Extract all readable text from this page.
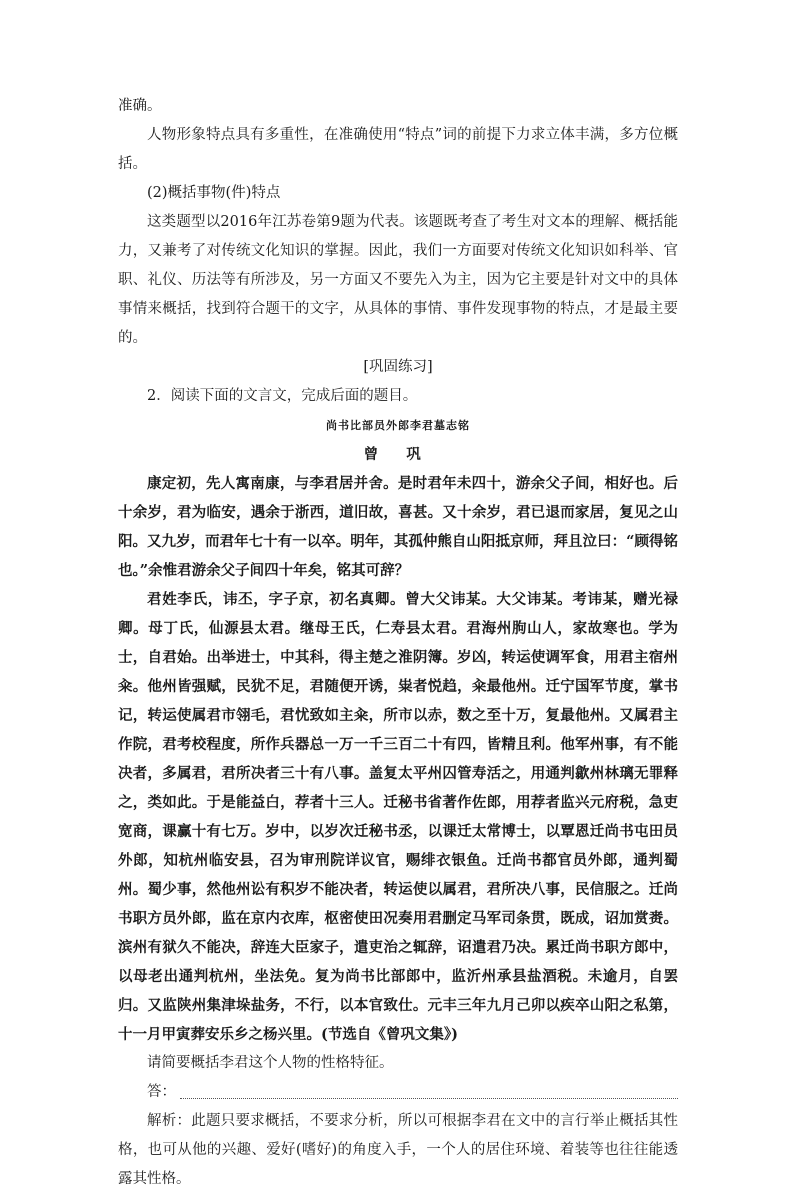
准确。

人物形象特点具有多重性，在准确使用“特点”词的前提下力求立体丰满，多方位概括。

(2)概括事物(件)特点

这类题型以2016年江苏卷第9题为代表。该题既考查了考生对文本的理解、概括能力，又兼考了对传统文化知识的掌握。因此，我们一方面要对传统文化知识如科举、官职、礼仪、历法等有所涉及，另一方面又不要先入为主，因为它主要是针对文中的具体事情来概括，找到符合题干的文字，从具体的事情、事件发现事物的特点，才是最主要的。

[巩固练习]

2．阅读下面的文言文，完成后面的题目。

尚书比部员外郎李君墓志铭

曾 巩

康定初，先人寓南康，与李君居并舍。是时君年未四十，游余父子间，相好也。后十余岁，君为临安，遇余于浙西，道旧故，喜甚。又十余岁，君已退而家居，复见之山阳。又九岁，而君年七十有一以卒。明年，其孤仲熊自山阳抵京师，拜且泣曰：“顾得铭也。”余惟君游余父子间四十年矣，铭其可辞？

君姓李氏，讳丕，字子京，初名真卿。曾大父讳某。大父讳某。考讳某，赠光禄卿。母丁氏，仙源县太君。继母王氏，仁寿县太君。君海州朐山人，家故寒也。学为士，自君始。出举进士，中其科，得主楚之淮阴簿。岁凶，转运使调军食，用君主宿州籴。他州皆强赋，民犹不足，君随便开诱，粜者悦趋，籴最他州。迁宁国军节度，掌书记，转运使属君市翎毛，君忧致如主籴，所市以赤，数之至十万，复最他州。又属君主作院，君考校程度，所作兵器总一万一千三百二十有四，皆精且利。他军州事，有不能决者，多属君，君所决者三十有八事。盖复太平州囚管寿活之，用通判歙州林璃无罪释之，类如此。于是能益白，荐者十三人。迁秘书省著作佐郎，用荐者监兴元府税，急吏宽商，课赢十有七万。岁中，以岁次迁秘书丞，以课迁太常博士，以覃恩迁尚书屯田员外郎，知杭州临安县，召为审刑院详议官，赐绯衣银鱼。迁尚书都官员外郎，通判蜀州。蜀少事，然他州讼有积岁不能决者，转运使以属君，君所决八事，民信服之。迁尚书职方员外郎，监在京内衣库，枢密使田况奏用君删定马军司条贯，既成，诏加赏赉。滨州有狱久不能决，辞连大臣家子，遣吏治之辄辞，诏遣君乃决。累迁尚书职方郎中，以母老出通判杭州，坐法免。复为尚书比部郎中，监沂州承县盐酒税。未逾月，自罢归。又监陕州集津垛盐务，不行，以本官致仕。元丰三年九月己卯以疾卒山阳之私第，十一月甲寅葬安乐乡之杨兴里。(节选自《曾巩文集》)

请简要概括李君这个人物的性格特征。

答：

解析：此题只要求概括，不要求分析，所以可根据李君在文中的言行举止概括其性格，也可从他的兴趣、爱好(嗜好)的角度入手，一个人的居住环境、着装等也往往能透露其性格。
